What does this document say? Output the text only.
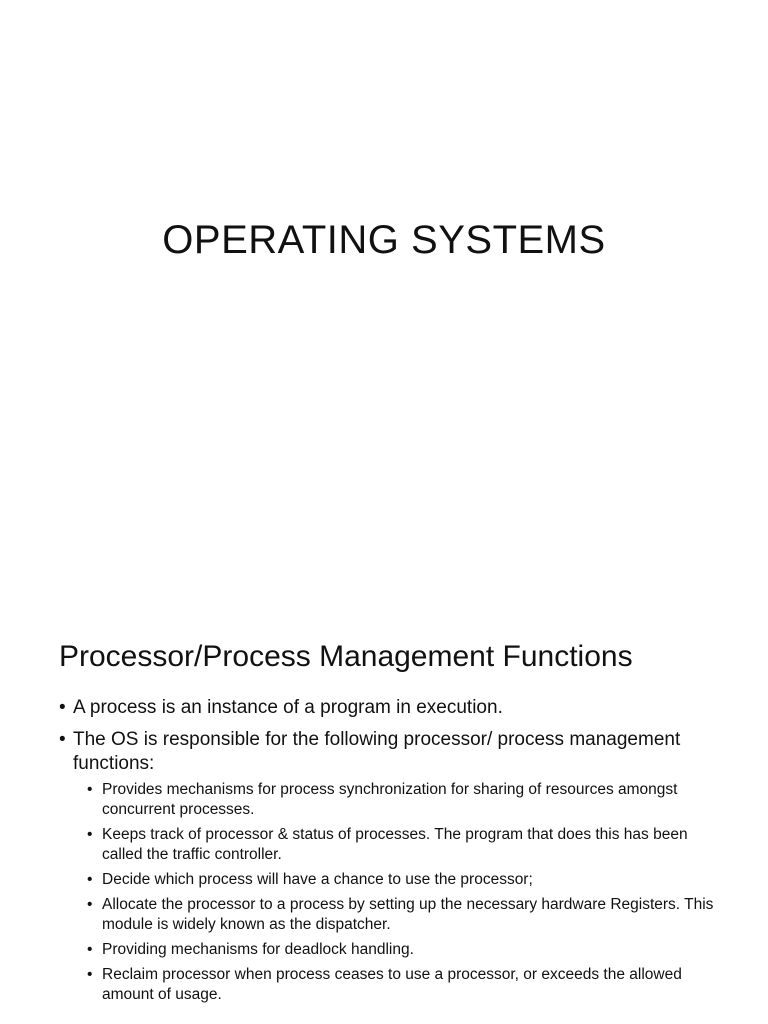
OPERATING SYSTEMS
Processor/Process Management Functions
• A process is an instance of a program in execution.
• The OS is responsible for the following processor/ process management functions:
• Provides mechanisms for process synchronization for sharing of resources amongst concurrent processes.
• Keeps track of processor & status of processes. The program that does this has been called the traffic controller.
• Decide which process will have a chance to use the processor;
• Allocate the processor to a process by setting up the necessary hardware Registers. This module is widely known as the dispatcher.
• Providing mechanisms for deadlock handling.
• Reclaim processor when process ceases to use a processor, or exceeds the allowed amount of usage.
